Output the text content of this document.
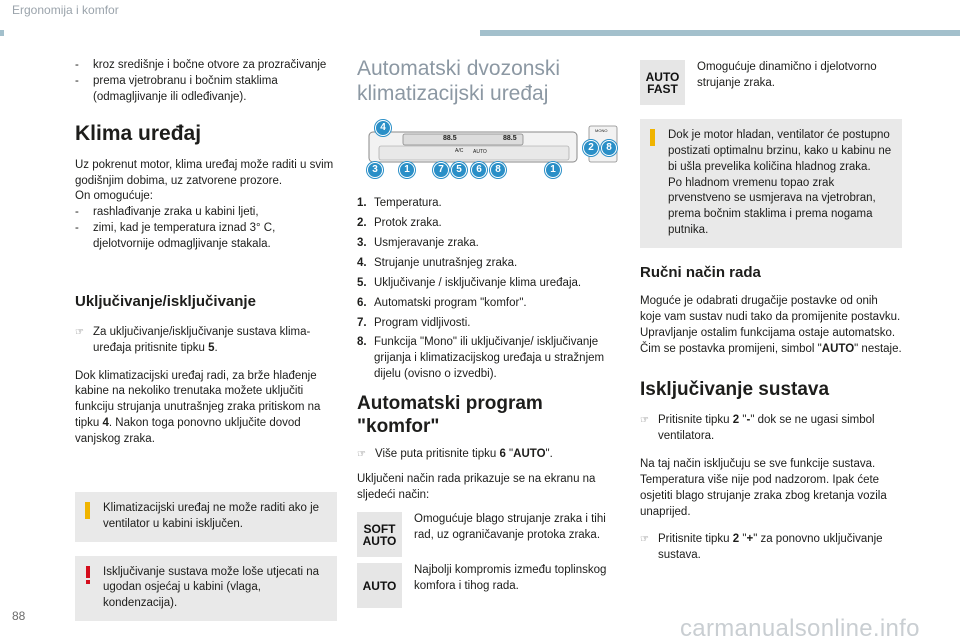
Ergonomija i komfor
-	kroz središnje i bočne otvore za prozračivanje
-	prema vjetrobranu i bočnim staklima (odmagljivanje ili odleđivanje).
Klima uređaj
Uz pokrenut motor, klima uređaj može raditi u svim godišnjim dobima, uz zatvorene prozore.
On omogućuje:
-	rashlađivanje zraka u kabini ljeti,
-	zimi, kad je temperatura iznad 3° C, djelotvornije odmagljivanje stakala.
Uključivanje/isključivanje
☞ Za uključivanje/isključivanje sustava klima-uređaja pritisnite tipku 5.
Dok klimatizacijski uređaj radi, za brže hlađenje kabine na nekoliko trenutaka možete uključiti funkciju strujanja unutrašnjeg zraka pritiskom na tipku 4. Nakon toga ponovno uključite dovod vanjskog zraka.
Klimatizacijski uređaj ne može raditi ako je ventilator u kabini isključen.
Isključivanje sustava može loše utjecati na ugodan osjećaj u kabini (vlaga, kondenzacija).
Automatski dvozonski
klimatizacijski uređaj
88.5	88.5
A/C AUTO
MONO
4
3	1	7 5 6 8	1
2 8
1. Temperatura.
2. Protok zraka.
3. Usmjeravanje zraka.
4. Strujanje unutrašnjeg zraka.
5. Uključivanje / isključivanje klima uređaja.
6. Automatski program "komfor".
7. Program vidljivosti.
8. Funkcija "Mono" ili uključivanje/ isključivanje grijanja i klimatizacijskog uređaja u stražnjem dijelu (ovisno o izvedbi).
Automatski program
"komfor"
☞ Više puta pritisnite tipku 6 "AUTO".
Uključeni način rada prikazuje se na ekranu na sljedeći način:
SOFT
AUTO
Omogućuje blago strujanje zraka i tihi rad, uz ograničavanje protoka zraka.
AUTO
Najbolji kompromis između toplinskog komfora i tihog rada.
AUTO
FAST
Omogućuje dinamično i djelotvorno strujanje zraka.
Dok je motor hladan, ventilator će postupno postizati optimalnu brzinu, kako u kabinu ne bi ušla prevelika količina hladnog zraka.
Po hladnom vremenu topao zrak prvenstveno se usmjerava na vjetrobran, prema bočnim staklima i prema nogama putnika.
Ručni način rada
Moguće je odabrati drugačije postavke od onih koje vam sustav nudi tako da promijenite postavku. Upravljanje ostalim funkcijama ostaje automatsko.
Čim se postavka promijeni, simbol "AUTO" nestaje.
Isključivanje sustava
☞ Pritisnite tipku 2 "-" dok se ne ugasi simbol ventilatora.
Na taj način isključuju se sve funkcije sustava. Temperatura više nije pod nadzorom. Ipak ćete osjetiti blago strujanje zraka zbog kretanja vozila unaprijed.
☞ Pritisnite tipku 2 "+" za ponovno uključivanje sustava.
88	carmanualsonline.info
